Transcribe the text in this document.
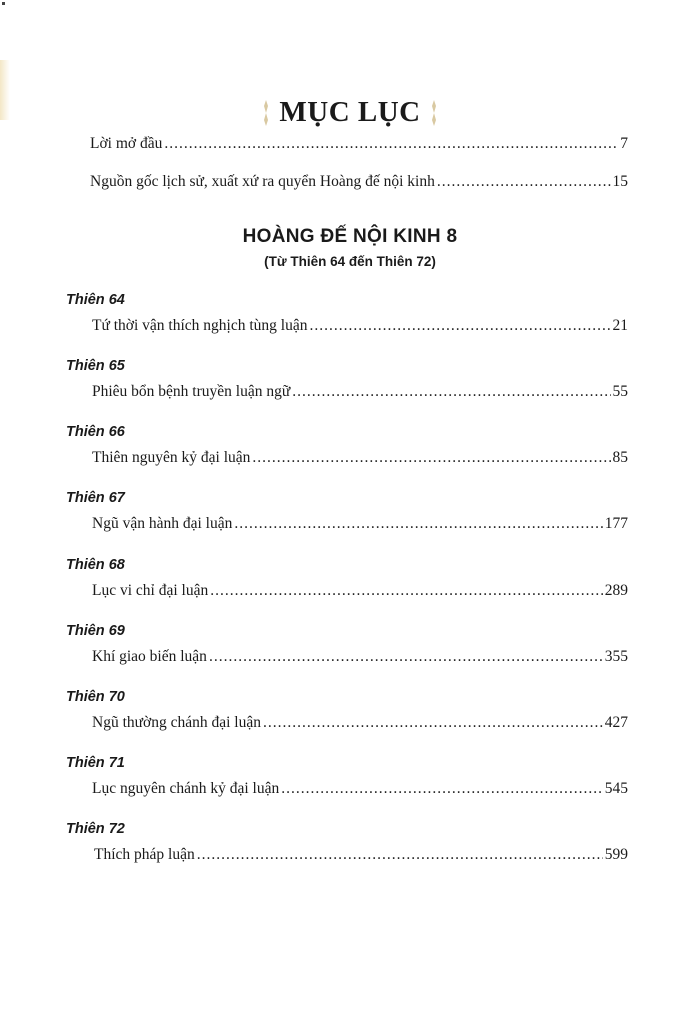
MỤC LỤC
Lời mở đầu .....	7
Nguồn gốc lịch sử, xuất xứ ra quyển Hoàng đế nội kinh .....	15
HOÀNG ĐẾ NỘI KINH 8
(Từ Thiên 64 đến Thiên 72)
Thiên 64
Tứ thời vận thích nghịch tùng luận .....	21
Thiên 65
Phiêu bổn bệnh truyền luận ngữ .....	55
Thiên 66
Thiên nguyên kỷ đại luận .....	85
Thiên 67
Ngũ vận hành đại luận .....	177
Thiên 68
Lục vi chỉ đại luận .....	289
Thiên 69
Khí giao biến luận .....	355
Thiên 70
Ngũ thường chánh đại luận .....	427
Thiên 71
Lục nguyên chánh kỷ đại luận .....	545
Thiên 72
Thích pháp luận .....	599
